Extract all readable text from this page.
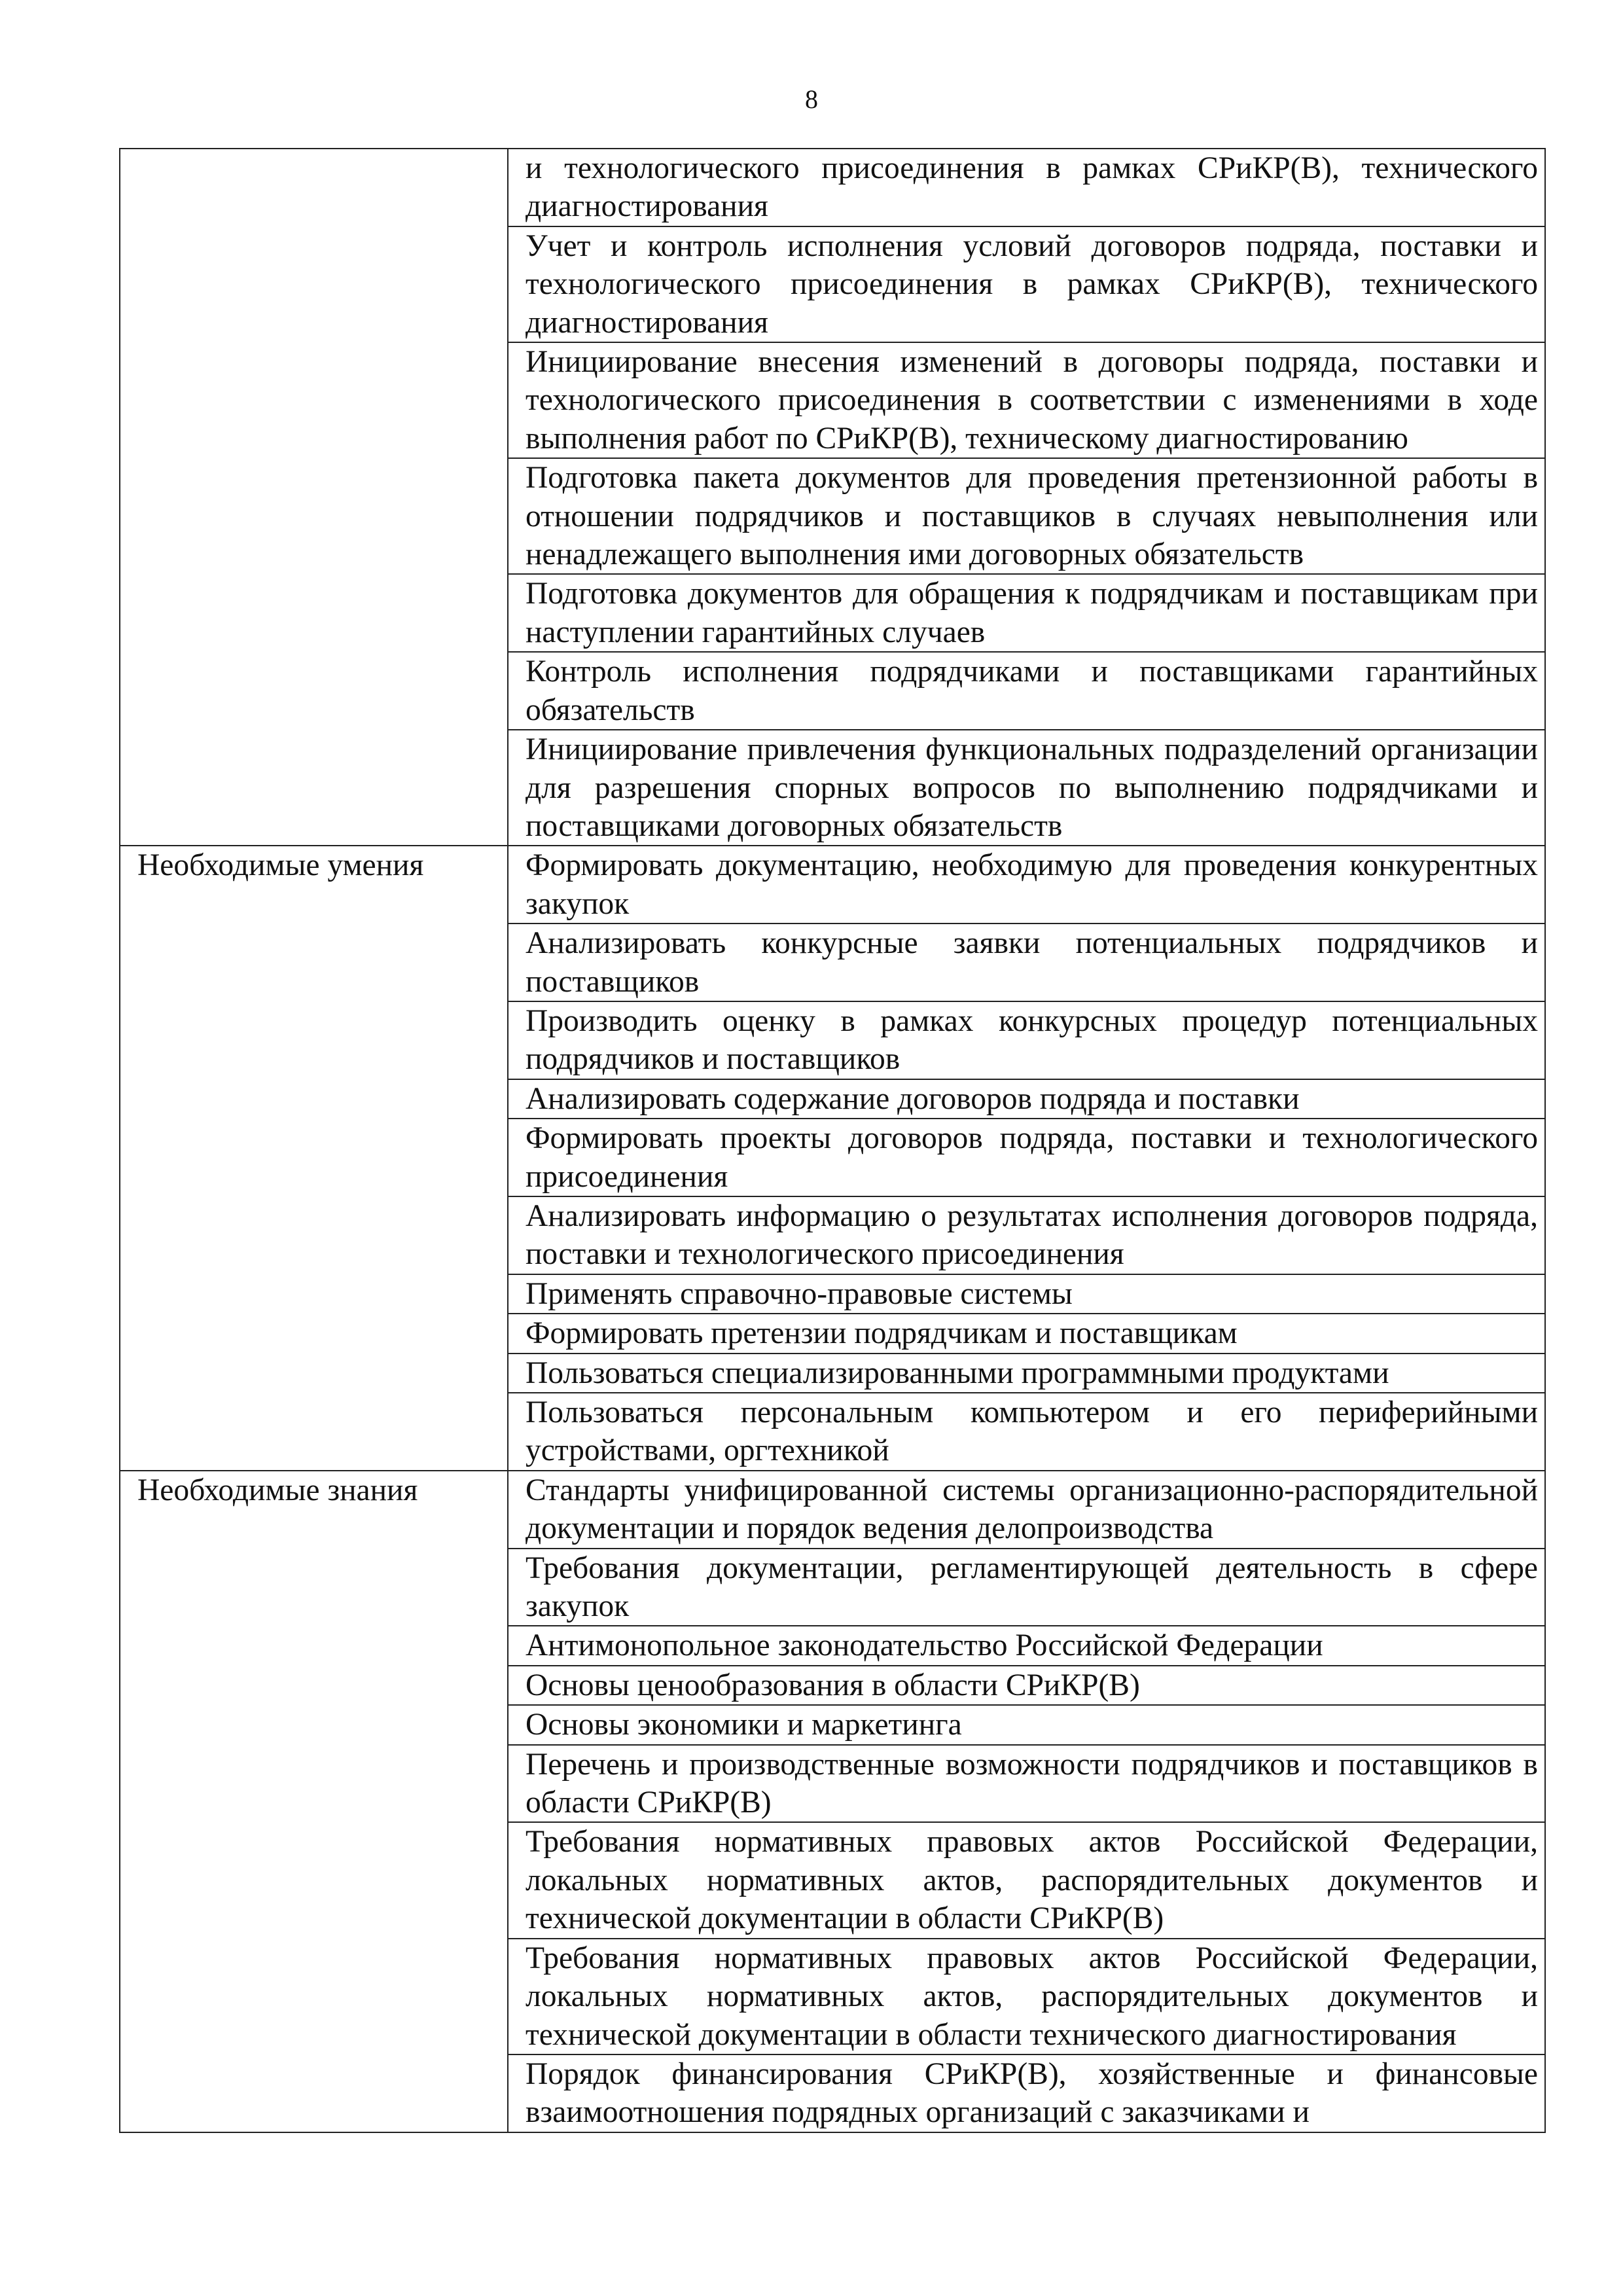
8
	и технологического присоединения в рамках СРиКР(В), технического диагностирования
	Учет и контроль исполнения условий договоров подряда, поставки и технологического присоединения в рамках СРиКР(В), технического диагностирования
	Инициирование внесения изменений в договоры подряда, поставки и технологического присоединения в соответствии с изменениями в ходе выполнения работ по СРиКР(В), техническому диагностированию
	Подготовка пакета документов для проведения претензионной работы в отношении подрядчиков и поставщиков в случаях невыполнения или ненадлежащего выполнения ими договорных обязательств
	Подготовка документов для обращения к подрядчикам и поставщикам при наступлении гарантийных случаев
	Контроль исполнения подрядчиками и поставщиками гарантийных обязательств
	Инициирование привлечения функциональных подразделений организации для разрешения спорных вопросов по выполнению подрядчиками и поставщиками договорных обязательств
Необходимые умения	Формировать документацию, необходимую для проведения конкурентных закупок
	Анализировать конкурсные заявки потенциальных подрядчиков и поставщиков
	Производить оценку в рамках конкурсных процедур потенциальных подрядчиков и поставщиков
	Анализировать содержание договоров подряда и поставки
	Формировать проекты договоров подряда, поставки и технологического присоединения
	Анализировать информацию о результатах исполнения договоров подряда, поставки и технологического присоединения
	Применять справочно-правовые системы
	Формировать претензии подрядчикам и поставщикам
	Пользоваться специализированными программными продуктами
	Пользоваться персональным компьютером и его периферийными устройствами, оргтехникой
Необходимые знания	Стандарты унифицированной системы организационно-распорядительной документации и порядок ведения делопроизводства
	Требования документации, регламентирующей деятельность в сфере закупок
	Антимонопольное законодательство Российской Федерации
	Основы ценообразования в области СРиКР(В)
	Основы экономики и маркетинга
	Перечень и производственные возможности подрядчиков и поставщиков в области СРиКР(В)
	Требования нормативных правовых актов Российской Федерации, локальных нормативных актов, распорядительных документов и технической документации в области СРиКР(В)
	Требования нормативных правовых актов Российской Федерации, локальных нормативных актов, распорядительных документов и технической документации в области технического диагностирования
	Порядок финансирования СРиКР(В), хозяйственные и финансовые взаимоотношения подрядных организаций с заказчиками и
